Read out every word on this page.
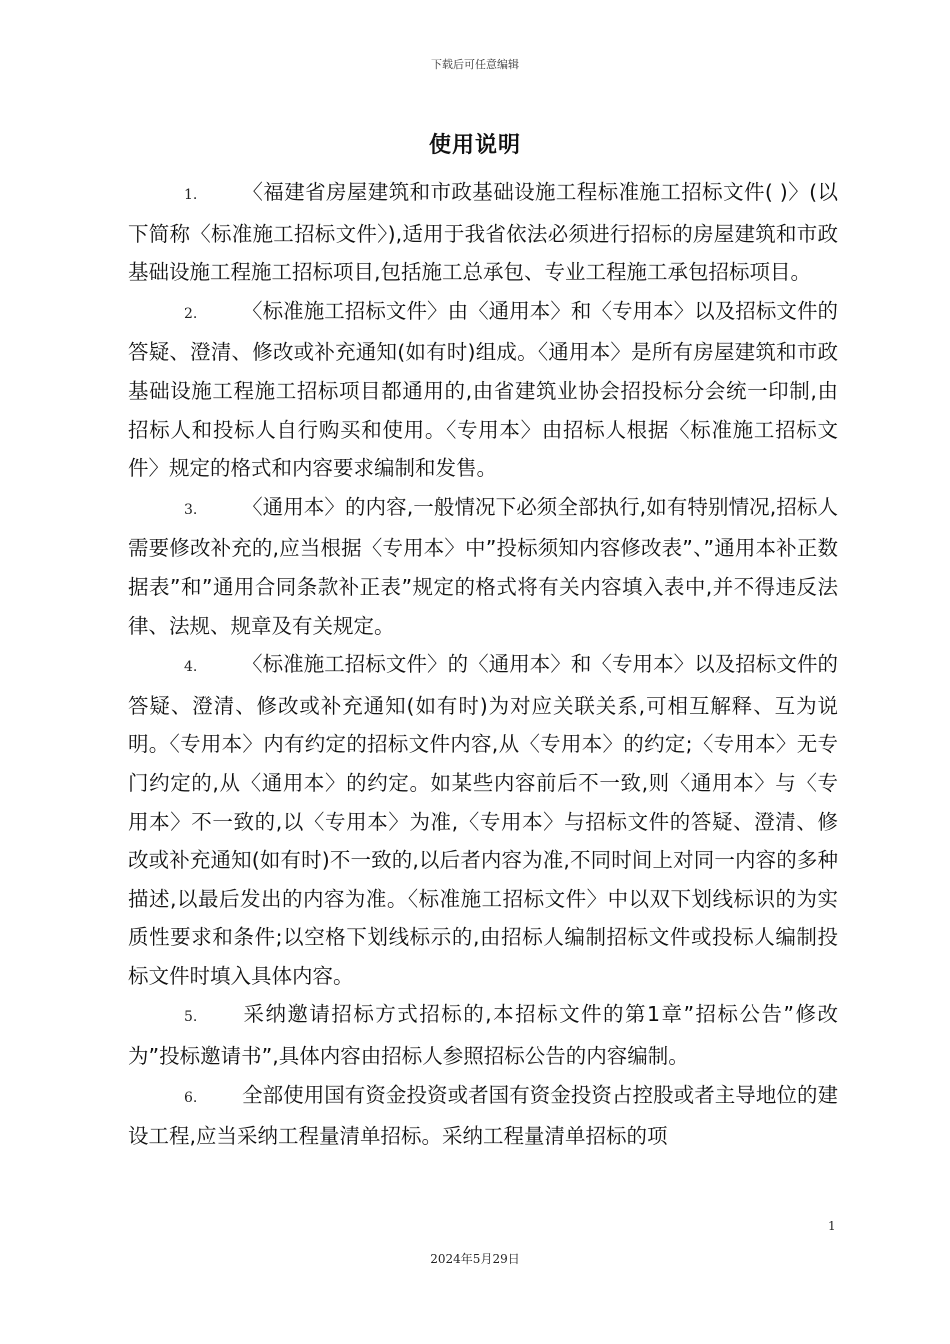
下载后可任意编辑
使用说明

1. 〈福建省房屋建筑和市政基础设施工程标准施工招标文件( )〉(以下简称〈标准施工招标文件〉),适用于我省依法必须进行招标的房屋建筑和市政基础设施工程施工招标项目,包括施工总承包、专业工程施工承包招标项目。

2. 〈标准施工招标文件〉由〈通用本〉和〈专用本〉以及招标文件的答疑、澄清、修改或补充通知(如有时)组成。〈通用本〉是所有房屋建筑和市政基础设施工程施工招标项目都通用的,由省建筑业协会招投标分会统一印制,由招标人和投标人自行购买和使用。〈专用本〉由招标人根据〈标准施工招标文件〉规定的格式和内容要求编制和发售。

3. 〈通用本〉的内容,一般情况下必须全部执行,如有特别情况,招标人需要修改补充的,应当根据〈专用本〉中”投标须知内容修改表”、”通用本补正数据表”和”通用合同条款补正表”规定的格式将有关内容填入表中,并不得违反法律、法规、规章及有关规定。

4. 〈标准施工招标文件〉的〈通用本〉和〈专用本〉以及招标文件的答疑、澄清、修改或补充通知(如有时)为对应关联关系,可相互解释、互为说明。〈专用本〉内有约定的招标文件内容,从〈专用本〉的约定;〈专用本〉无专门约定的,从〈通用本〉的约定。如某些内容前后不一致,则〈通用本〉与〈专用本〉不一致的,以〈专用本〉为准,〈专用本〉与招标文件的答疑、澄清、修改或补充通知(如有时)不一致的,以后者内容为准,不同时间上对同一内容的多种描述,以最后发出的内容为准。〈标准施工招标文件〉中以双下划线标识的为实质性要求和条件;以空格下划线标示的,由招标人编制招标文件或投标人编制投标文件时填入具体内容。

5. 采纳邀请招标方式招标的,本招标文件的第1章”招标公告”修改为”投标邀请书”,具体内容由招标人参照招标公告的内容编制。

6. 全部使用国有资金投资或者国有资金投资占控股或者主导地位的建设工程,应当采纳工程量清单招标。采纳工程量清单招标的项

1
2024年5月29日
